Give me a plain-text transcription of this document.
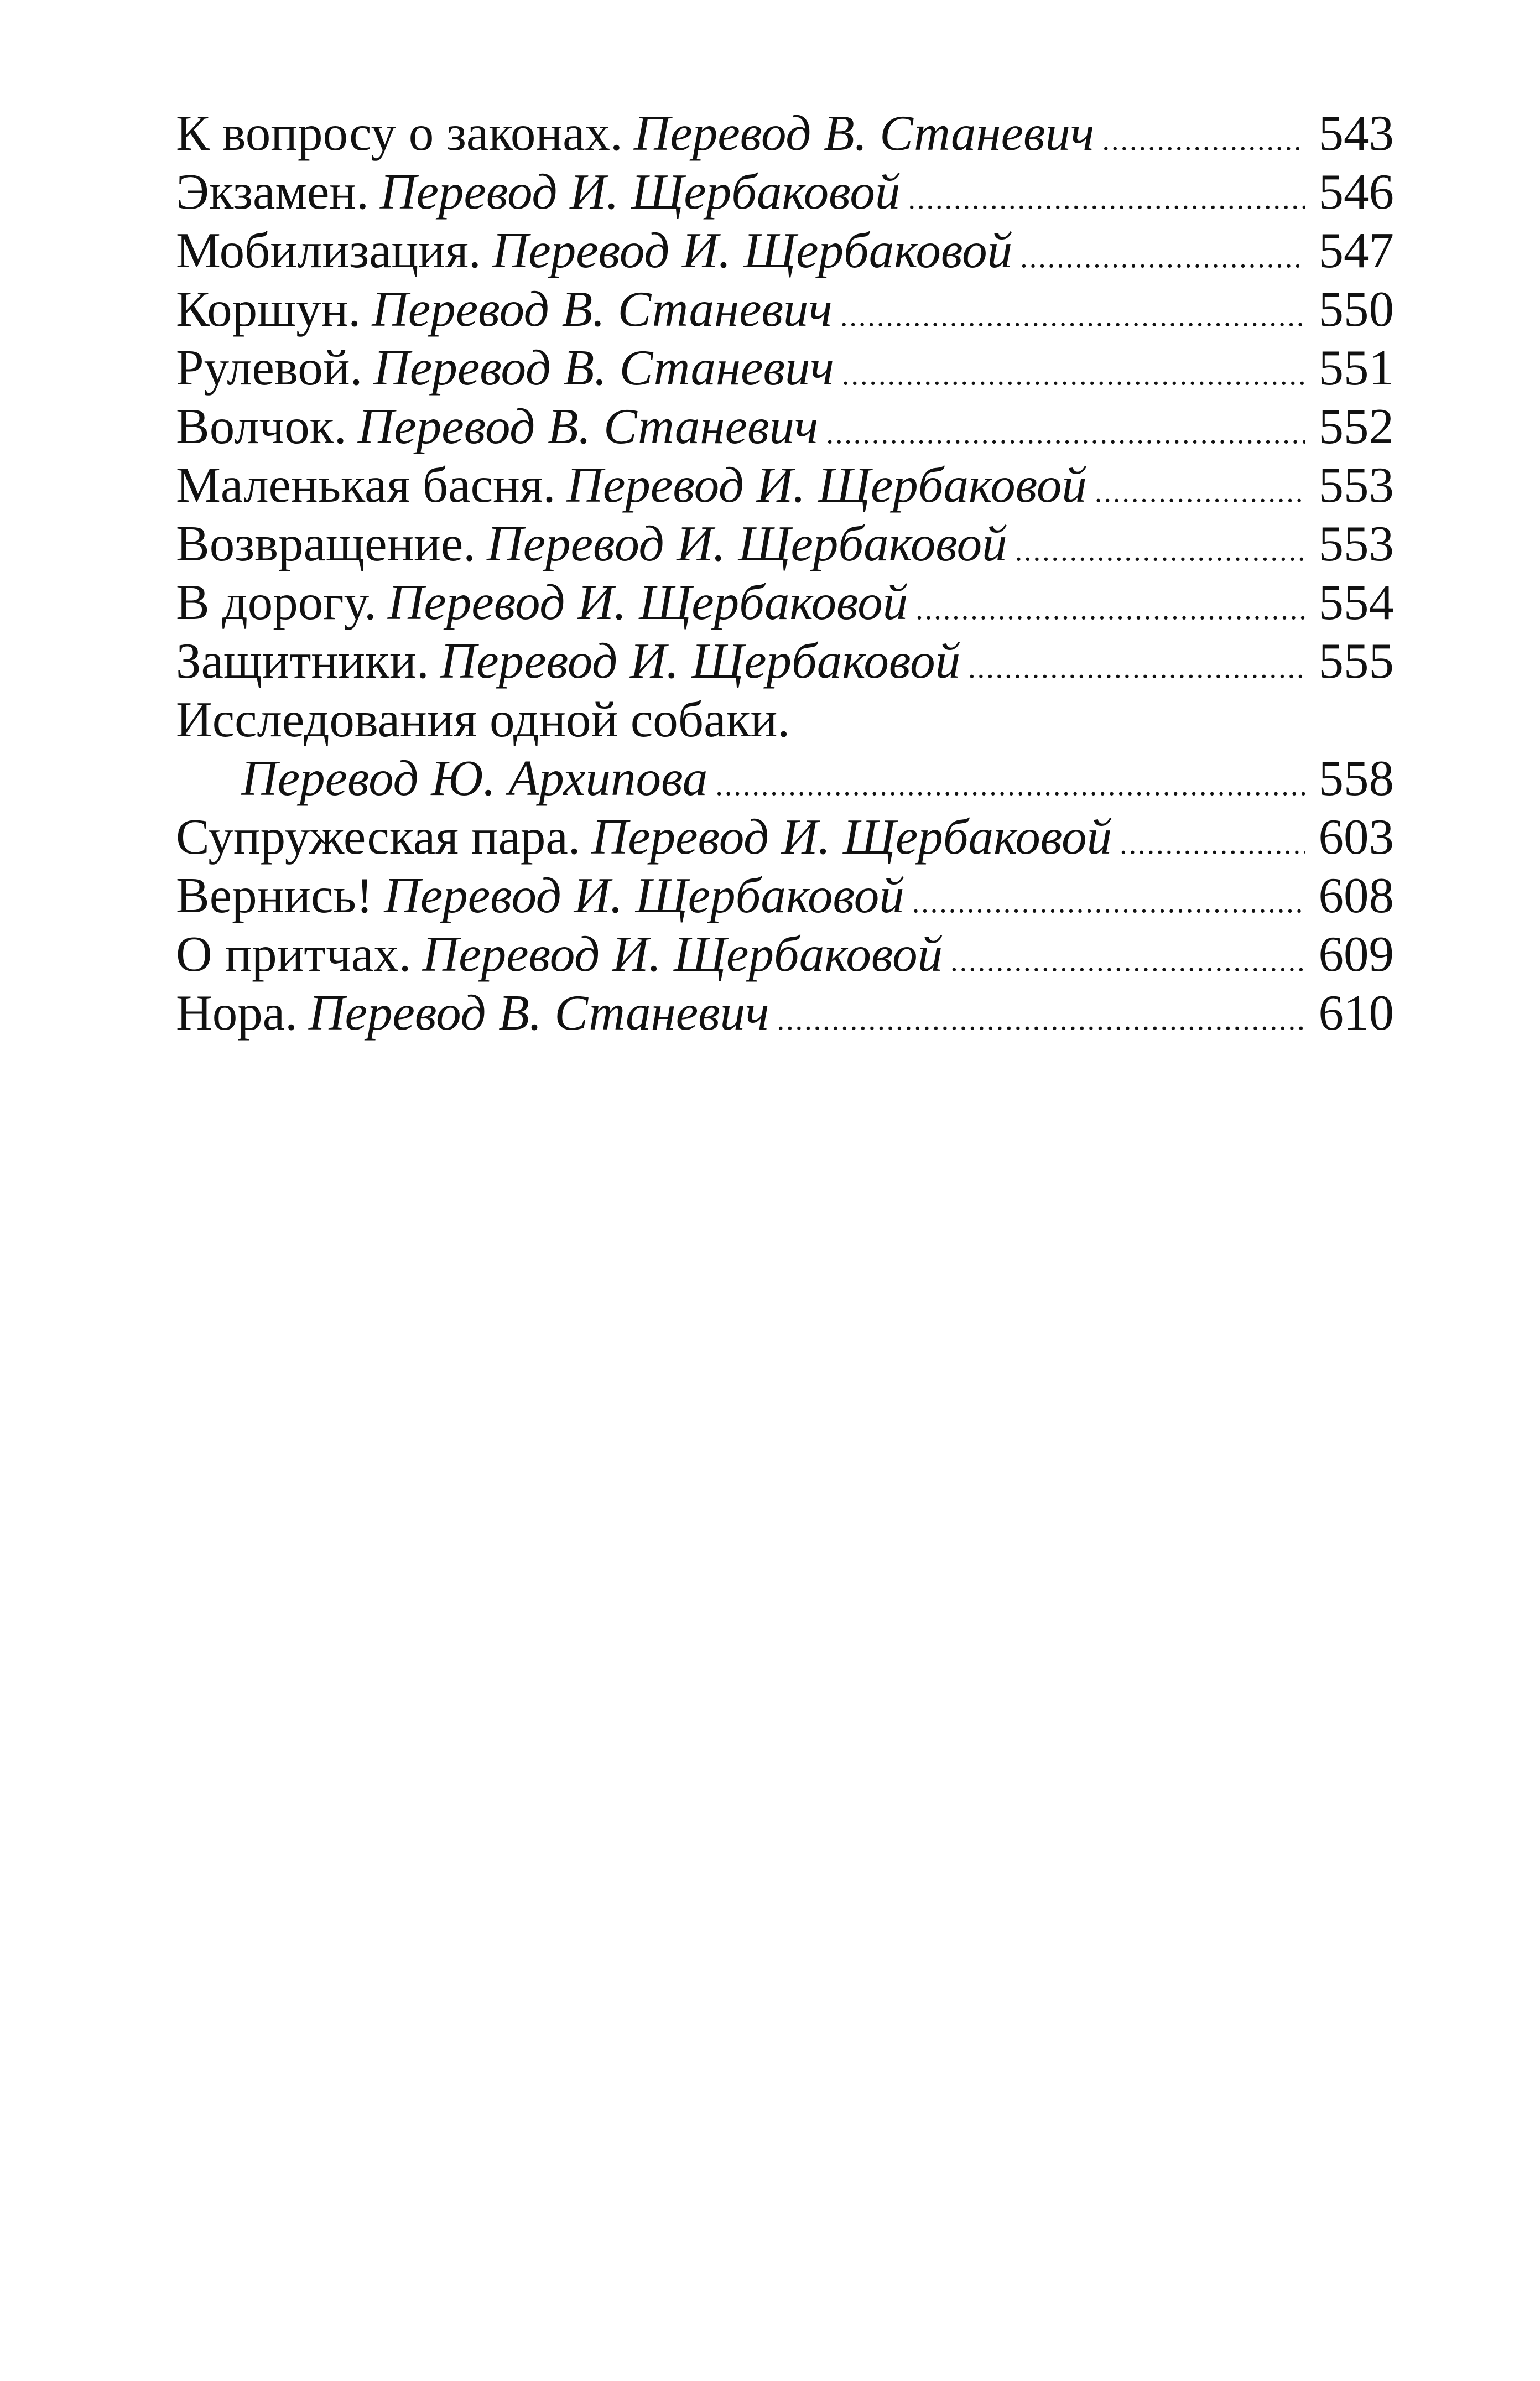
К вопросу о законах. Перевод В. Станевич .....	543
Экзамен. Перевод И. Щербаковой .....	546
Мобилизация. Перевод И. Щербаковой .....	547
Коршун. Перевод В. Станевич .....	550
Рулевой. Перевод В. Станевич .....	551
Волчок. Перевод В. Станевич .....	552
Маленькая басня. Перевод И. Щербаковой .....	553
Возвращение. Перевод И. Щербаковой .....	553
В дорогу. Перевод И. Щербаковой .....	554
Защитники. Перевод И. Щербаковой .....	555
Исследования одной собаки.
Перевод Ю. Архипова .....	558
Супружеская пара. Перевод И. Щербаковой .....	603
Вернись! Перевод И. Щербаковой .....	608
О притчах. Перевод И. Щербаковой .....	609
Нора. Перевод В. Станевич .....	610
